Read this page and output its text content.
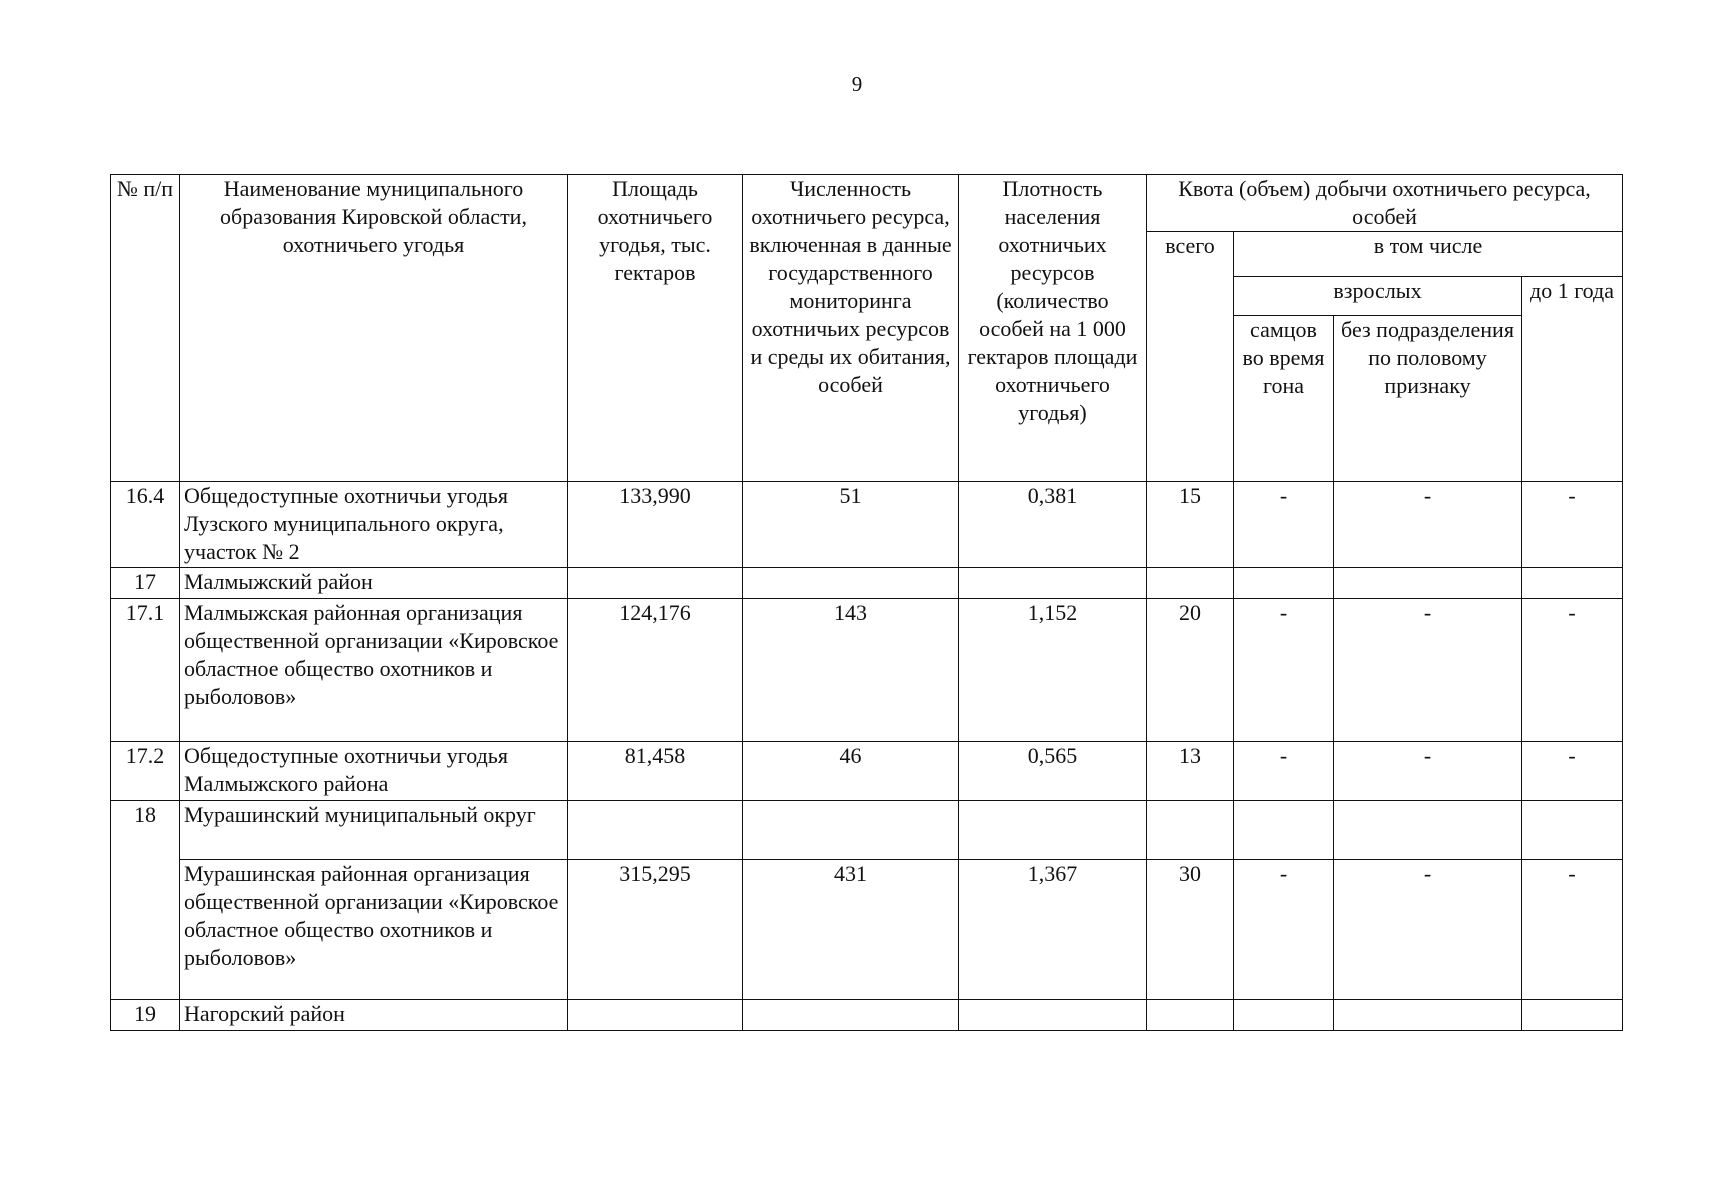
9
№ п/п	Наименование муниципального образования Кировской области, охотничьего угодья	Площадь охотничьего угодья, тыс. гектаров	Численность охотничьего ресурса, включенная в данные государственного мониторинга охотничьих ресурсов и среды их обитания, особей	Плотность населения охотничьих ресурсов (количество особей на 1 000 гектаров площади охотничьего угодья)	Квота (объем) добычи охотничьего ресурса, особей			
					всего	в том числе		
						взрослых		до 1 года
						самцов во время гона	без подразделения по половому признаку	
16.4	Общедоступные охотничьи угодья Лузского муниципального округа, участок № 2	133,990	51	0,381	15	-	-	-
17	Малмыжский район							
17.1	Малмыжская районная организация общественной организации «Кировское областное общество охотников и рыболовов»	124,176	143	1,152	20	-	-	-
17.2	Общедоступные охотничьи угодья Малмыжского района	81,458	46	0,565	13	-	-	-
18	Мурашинский муниципальный округ							
	Мурашинская районная организация общественной организации «Кировское областное общество охотников и рыболовов»	315,295	431	1,367	30	-	-	-
19	Нагорский район							
